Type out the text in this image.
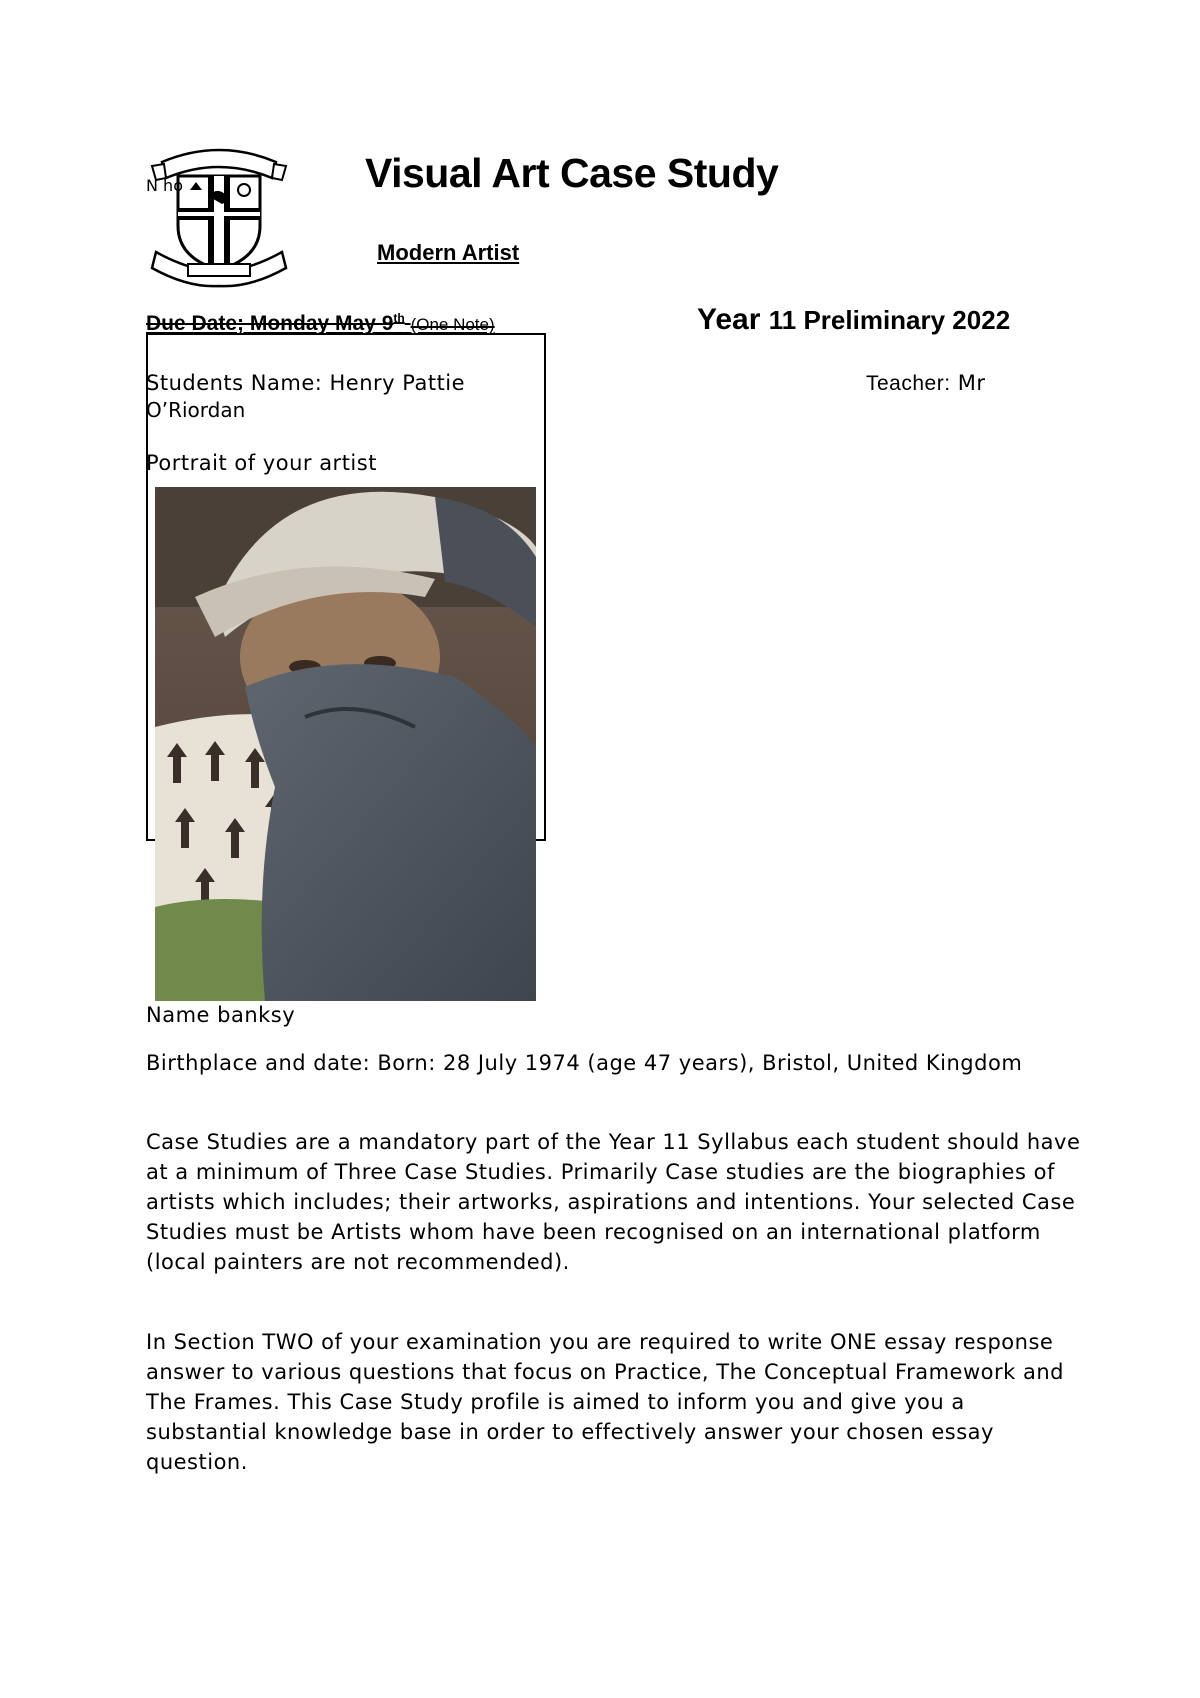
N ho	Visual Art Case Study
Modern Artist
Due Date; Monday May 9th (One Note)	Year 11 Preliminary 2022
Students Name: Henry Pattie	Teacher: Mr
O’Riordan
Portrait of your artist
Name banksy
Birthplace and date: Born: 28 July 1974 (age 47 years), Bristol, United Kingdom

Case Studies are a mandatory part of the Year 11 Syllabus each student should have at a minimum of Three Case Studies. Primarily Case studies are the biographies of artists which includes; their artworks, aspirations and intentions. Your selected Case Studies must be Artists whom have been recognised on an international platform (local painters are not recommended).

In Section TWO of your examination you are required to write ONE essay response answer to various questions that focus on Practice, The Conceptual Framework and The Frames. This Case Study profile is aimed to inform you and give you a substantial knowledge base in order to effectively answer your chosen essay question.
